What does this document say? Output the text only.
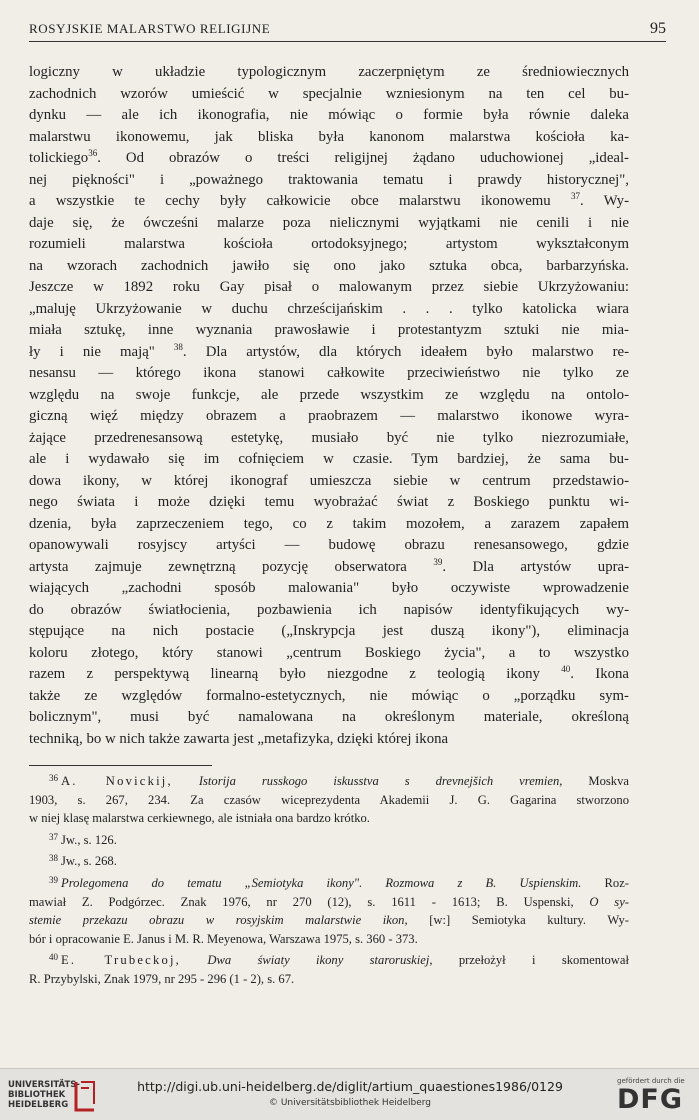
ROSYJSKIE MALARSTWO RELIGIJNE	95
logiczny w układzie typologicznym zaczerpniętym ze średniowiecznych
zachodnich wzorów umieścić w specjalnie wzniesionym na ten cel bu-
dynku — ale ich ikonografia, nie mówiąc o formie była równie daleka
malarstwu ikonowemu, jak bliska była kanonom malarstwa kościoła ka-
tolickiego$^{36}$. Od obrazów o treści religijnej żądano uduchowionej „ideal-
nej piękności" i „poważnego traktowania tematu i prawdy historycznej",
a wszystkie te cechy były całkowicie obce malarstwu ikonowemu $^{37}$. Wy-
daje się, że ówcześni malarze poza nielicznymi wyjątkami nie cenili i nie
rozumieli malarstwa kościoła ortodoksyjnego; artystom wykształconym
na wzorach zachodnich jawiło się ono jako sztuka obca, barbarzyńska.
Jeszcze w 1892 roku Gay pisał o malowanym przez siebie Ukrzyżowaniu:
„maluję Ukrzyżowanie w duchu chrześcijańskim . . . tylko katolicka wiara
miała sztukę, inne wyznania prawosławie i protestantyzm sztuki nie mia-
ły i nie mają" $^{38}$. Dla artystów, dla których ideałem było malarstwo re-
nesansu — którego ikona stanowi całkowite przeciwieństwo nie tylko ze
względu na swoje funkcje, ale przede wszystkim ze względu na ontolo-
giczną więź między obrazem a praobrazem — malarstwo ikonowe wyra-
żające przedrenesansową estetykę, musiało być nie tylko niezrozumiałe,
ale i wydawało się im cofnięciem w czasie. Tym bardziej, że sama bu-
dowa ikony, w której ikonograf umieszcza siebie w centrum przedstawio-
nego świata i może dzięki temu wyobrażać świat z Boskiego punktu wi-
dzenia, była zaprzeczeniem tego, co z takim mozołem, a zarazem zapałem
opanowywali rosyjscy artyści — budowę obrazu renesansowego, gdzie
artysta zajmuje zewnętrzną pozycję obserwatora	$^{39}$. Dla artystów upra-
wiających „zachodni sposób malowania" było oczywiste wprowadzenie
do obrazów światłocienia, pozbawienia ich napisów identyfikujących wy-
stępujące na nich postacie („Inskrypcja jest duszą ikony"), eliminacja
koloru złotego, który stanowi „centrum Boskiego życia", a to wszystko
razem z perspektywą linearną było niezgodne z teologią ikony $^{40}$. Ikona
także ze względów formalno-estetycznych, nie mówiąc o „porządku sym-
bolicznym", musi być namalowana na określonym materiale, określoną
techniką, bo w nich także zawarta jest „metafizyka, dzięki której ikona
$^{36}$ A. Novickij, Istorija russkogo iskusstva s drevnejšich vremien, Moskva
1903, s. 267, 234. Za czasów wiceprezydenta Akademii J. G. Gagarina stworzono
w niej klasę malarstwa cerkiewnego, ale istniała ona bardzo krótko.
$^{37}$ Jw., s. 126.
$^{38}$ Jw., s. 268.
$^{39}$ Prolegomena do tematu „Semiotyka ikony". Rozmowa z B. Uspienskim. Roz-
mawiał Z. Podgórzec. Znak 1976, nr 270 (12), s. 1611 - 1613; B. Uspenski, O sy-
stemie przekazu obrazu w rosyjskim malarstwie ikon, [w:] Semiotyka kultury. Wy-
bór i opracowanie E. Janus i M. R. Meyenowa, Warszawa 1975, s. 360 - 373.
$^{40}$ E. Trubeckoj, Dwa światy ikony staroruskiej, przełożył i skomentował
R. Przybylski, Znak 1979, nr 295 - 296 (1 - 2), s. 67.
UNIVERSITÄTS-
BIBLIOTHEK
HEIDELBERG
http://digi.ub.uni-heidelberg.de/diglit/artium_quaestiones1986/0129
© Universitätsbibliothek Heidelberg
gefördert durch die
DFG
